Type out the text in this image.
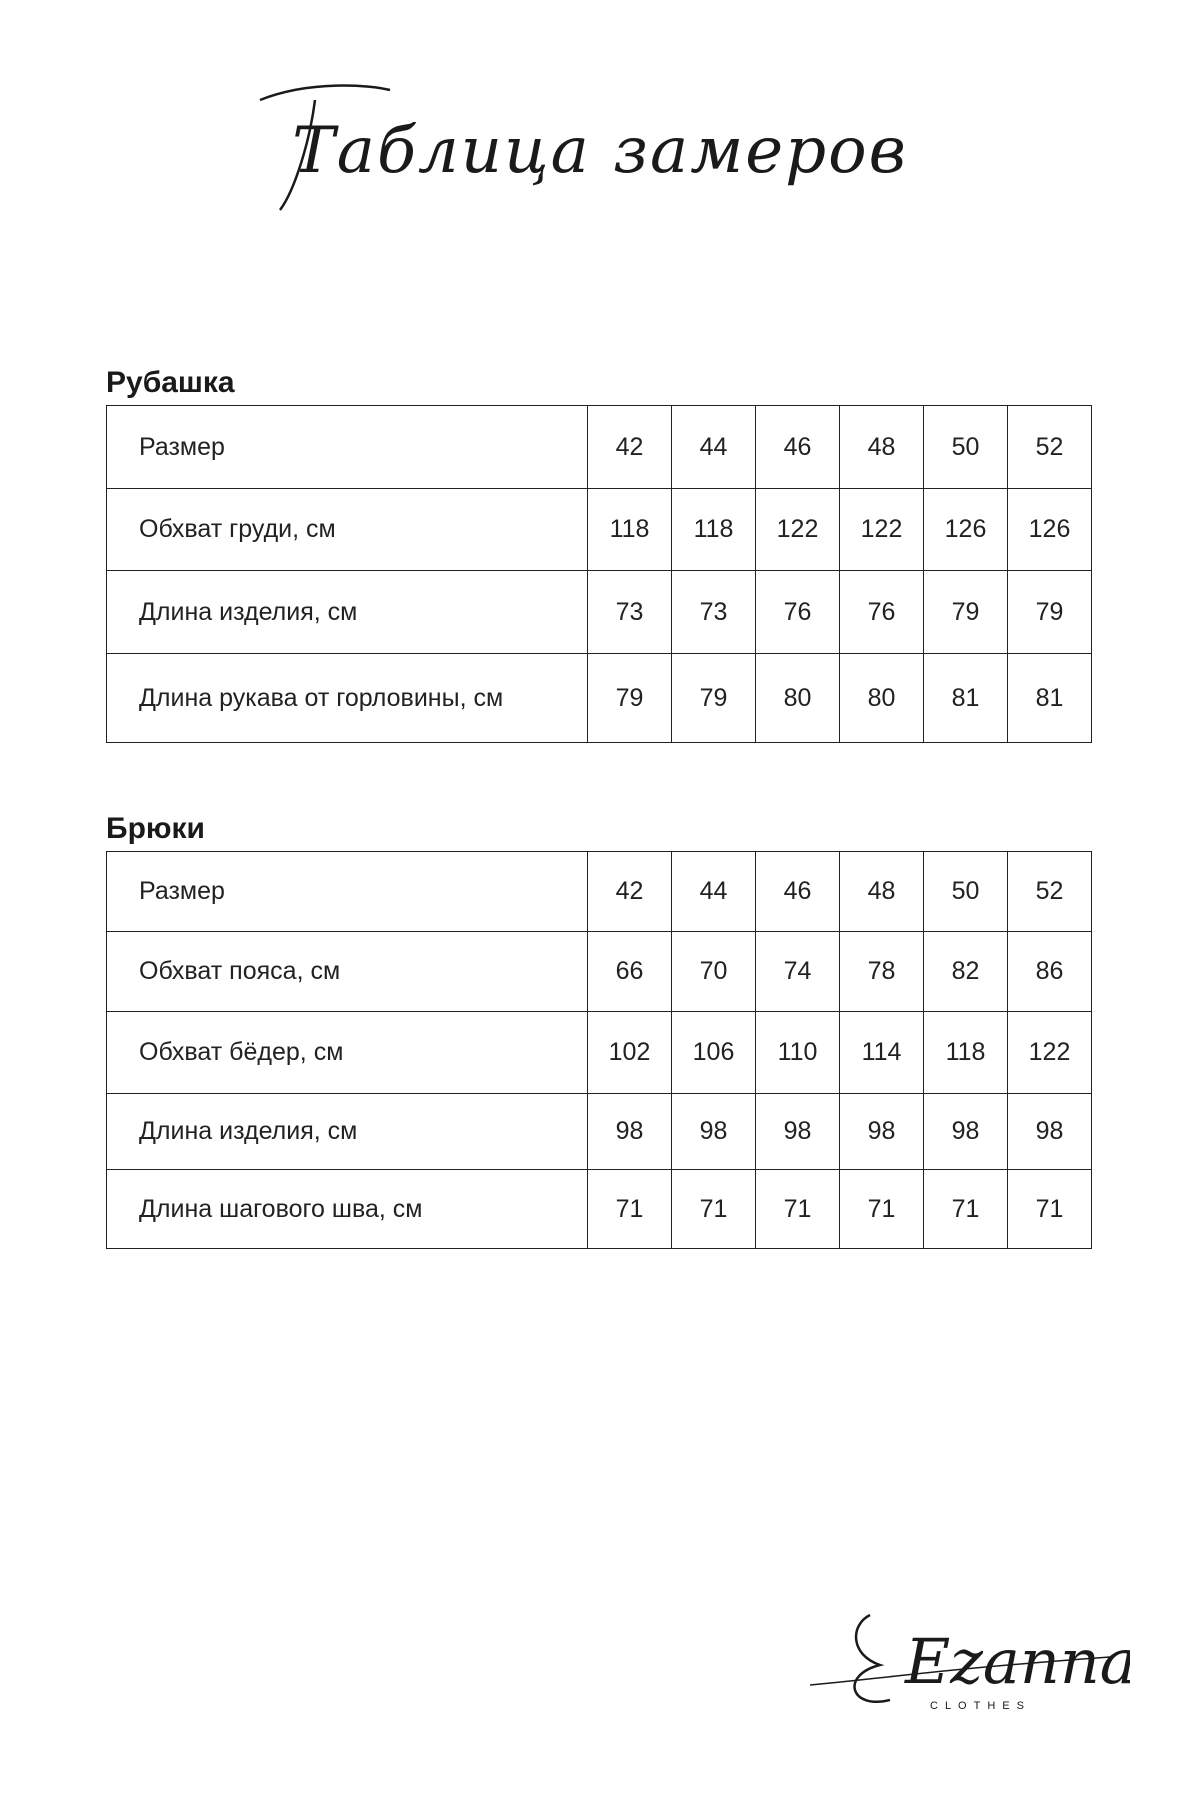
Таблица замеров
Рубашка
Размер	42	44	46	48	50	52
Обхват груди, см	118	118	122	122	126	126
Длина изделия, см	73	73	76	76	79	79
Длина рукава от горловины, см	79	79	80	80	81	81
Брюки
Размер	42	44	46	48	50	52
Обхват пояса, см	66	70	74	78	82	86
Обхват бёдер, см	102	106	110	114	118	122
Длина изделия, см	98	98	98	98	98	98
Длина шагового шва, см	71	71	71	71	71	71
Ezanna
CLOTHES
